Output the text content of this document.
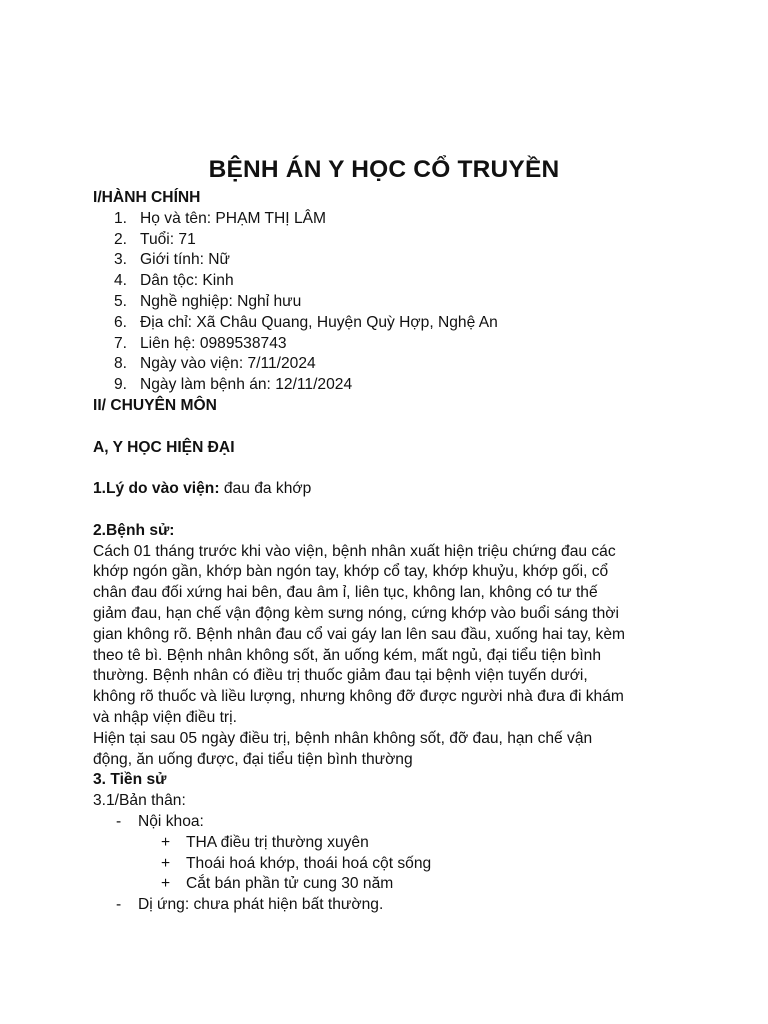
BỆNH ÁN Y HỌC CỔ TRUYỀN
I/HÀNH CHÍNH
1. Họ và tên: PHẠM THỊ LÂM
2. Tuổi: 71
3. Giới tính: Nữ
4. Dân tộc: Kinh
5. Nghề nghiệp: Nghỉ hưu
6. Địa chỉ: Xã Châu Quang, Huyện Quỳ Hợp, Nghệ An
7. Liên hệ: 0989538743
8. Ngày vào viện: 7/11/2024
9. Ngày làm bệnh án: 12/11/2024
II/ CHUYÊN MÔN
A, Y HỌC HIỆN ĐẠI
1.Lý do vào viện: đau đa khớp
2.Bệnh sử:
Cách 01 tháng trước khi vào viện, bệnh nhân xuất hiện triệu chứng đau các
khớp ngón gần, khớp bàn ngón tay, khớp cổ tay, khớp khuỷu, khớp gối, cổ
chân đau đối xứng hai bên, đau âm ỉ, liên tục, không lan, không có tư thế
giảm đau, hạn chế vận động kèm sưng nóng, cứng khớp vào buổi sáng thời
gian không rõ. Bệnh nhân đau cổ vai gáy lan lên sau đầu, xuống hai tay, kèm
theo tê bì. Bệnh nhân không sốt, ăn uống kém, mất ngủ, đại tiểu tiện bình
thường. Bệnh nhân có điều trị thuốc giảm đau tại bệnh viện tuyến dưới,
không rõ thuốc và liều lượng, nhưng không đỡ được người nhà đưa đi khám
và nhập viện điều trị.
Hiện tại sau 05 ngày điều trị, bệnh nhân không sốt, đỡ đau, hạn chế vận
động, ăn uống được, đại tiểu tiện bình thường
3. Tiền sử
3.1/Bản thân:
- Nội khoa:
+ THA điều trị thường xuyên
+ Thoái hoá khớp, thoái hoá cột sống
+ Cắt bán phần tử cung 30 năm
- Dị ứng: chưa phát hiện bất thường.
